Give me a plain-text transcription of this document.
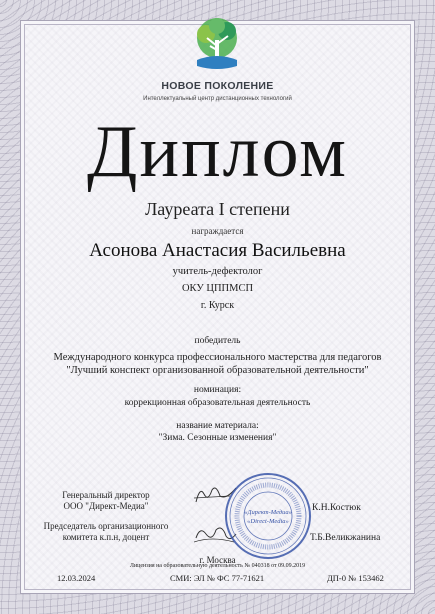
НОВОЕ ПОКОЛЕНИЕ
Интеллектуальный центр дистанционных технологий
Диплом
Лауреата I степени
награждается
Асонова Анастасия Васильевна
учитель-дефектолог
ОКУ ЦППМСП
г. Курск
победитель
Международного конкурса профессионального мастерства для педагогов
"Лучший конспект организованной образовательной деятельности"
номинация:
коррекционная образовательная деятельность
название материала:
"Зима. Сезонные изменения"
Генеральный директор
ООО "Директ-Медиа"
Председатель организационного
комитета к.п.н, доцент
«Директ-Медиа»
«Direct-Media»
К.Н.Костюк
Т.Б.Великжанина
г. Москва
Лицензия на образовательную деятельность № 040318 от 09.09.2019
12.03.2024	СМИ: ЭЛ № ФС 77-71621	ДП-0 № 153462
